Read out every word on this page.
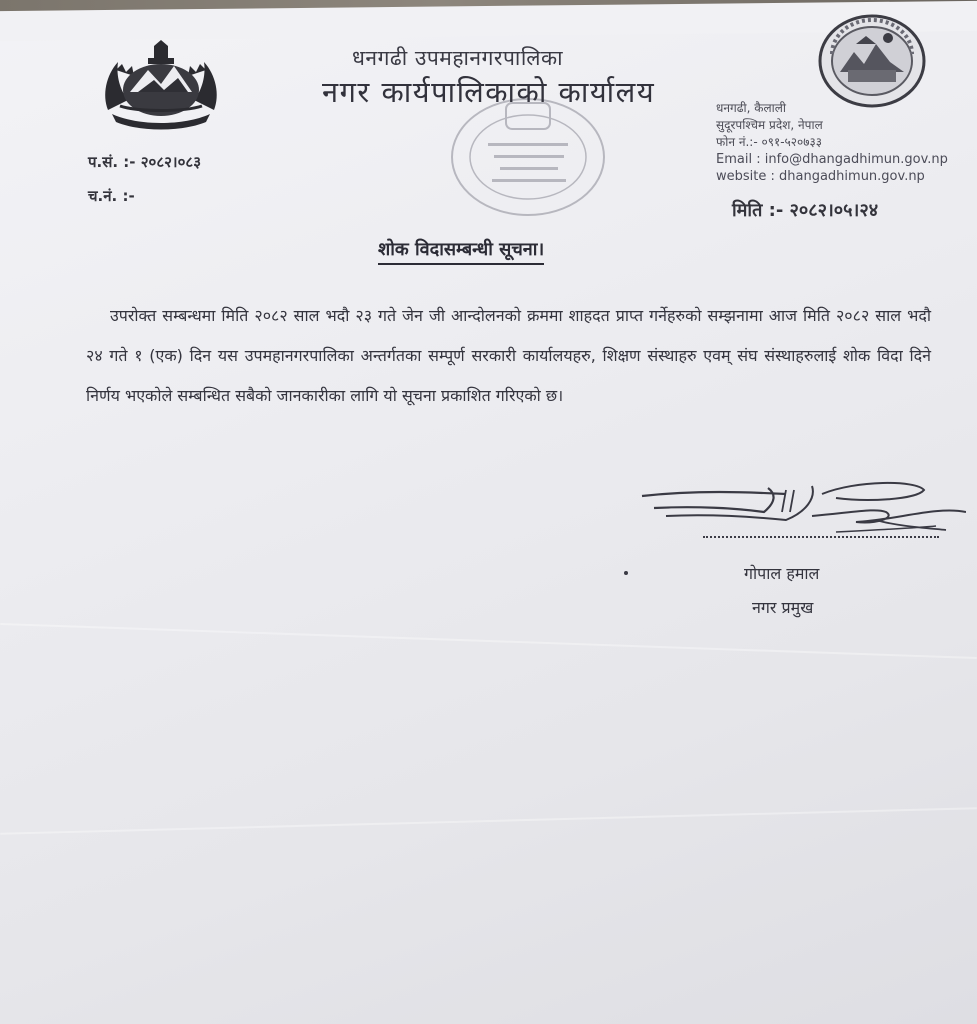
धनगढी उपमहानगरपालिका
नगर कार्यपालिकाको कार्यालय	धनगढी, कैलाली
सुदूरपश्चिम प्रदेश, नेपाल
फोन नं.:- ०९१-५२०७३३
Email : info@dhangadhimun.gov.np
website : dhangadhimun.gov.np
प.सं. :- २०८२।०८३
च.नं. :-
मिति :- २०८२।०५।२४
शोक विदासम्बन्धी सूचना।
उपरोक्त सम्बन्धमा मिति २०८२ साल भदौ २३ गते जेन जी आन्दोलनको क्रममा शाहदत प्राप्त गर्नेहरुको सम्झनामा आज मिति २०८२ साल भदौ २४ गते १ (एक) दिन यस उपमहानगरपालिका अन्तर्गतका सम्पूर्ण सरकारी कार्यालयहरु, शिक्षण संस्थाहरु एवम् संघ संस्थाहरुलाई शोक विदा दिने निर्णय भएकोले सम्बन्धित सबैको जानकारीका लागि यो सूचना प्रकाशित गरिएको छ।
गोपाल हमाल
नगर प्रमुख
